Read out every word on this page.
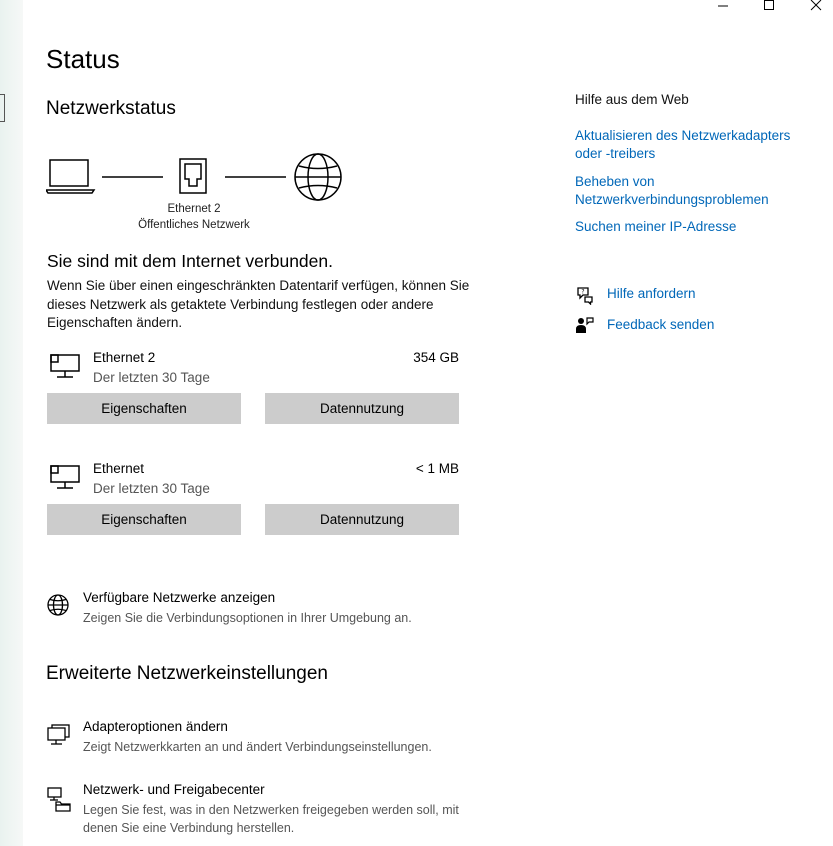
Status
Netzwerkstatus
Ethernet 2
Öffentliches Netzwerk
Sie sind mit dem Internet verbunden.
Wenn Sie über einen eingeschränkten Datentarif verfügen, können Sie dieses Netzwerk als getaktete Verbindung festlegen oder andere Eigenschaften ändern.
Ethernet 2
Der letzten 30 Tage
354 GB
Eigenschaften	Datennutzung
Ethernet
Der letzten 30 Tage
< 1 MB
Eigenschaften	Datennutzung
Verfügbare Netzwerke anzeigen
Zeigen Sie die Verbindungsoptionen in Ihrer Umgebung an.
Erweiterte Netzwerkeinstellungen
Adapteroptionen ändern
Zeigt Netzwerkkarten an und ändert Verbindungseinstellungen.
Netzwerk- und Freigabecenter
Legen Sie fest, was in den Netzwerken freigegeben werden soll, mit denen Sie eine Verbindung herstellen.
Hilfe aus dem Web
Aktualisieren des Netzwerkadapters oder -treibers
Beheben von Netzwerkverbindungsproblemen
Suchen meiner IP-Adresse
? Hilfe anfordern
Feedback senden
